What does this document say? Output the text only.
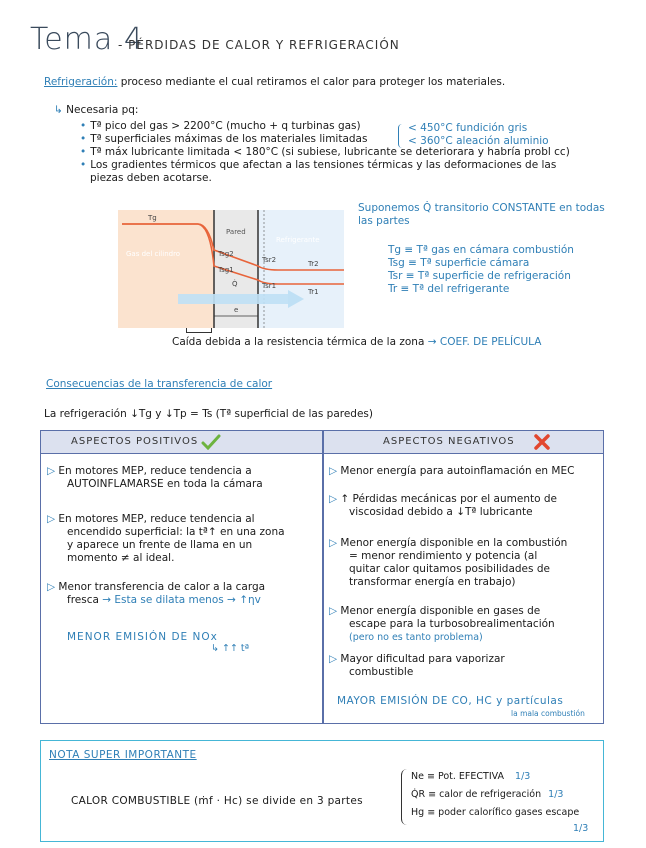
Tema 4
- PÉRDIDAS DE CALOR Y REFRIGERACIÓN
Refrigeración: proceso mediante el cual retiramos el calor para proteger los materiales.
↳ Necesaria pq:
• Tª pico del gas > 2200°C (mucho + q turbinas gas)
• Tª superficiales máximas de los materiales limitadas
• Tª máx lubricante limitada < 180°C (si subiese, lubricante se deteriorara y habría probl cc)
• Los gradientes térmicos que afectan a las tensiones térmicas y las deformaciones de las
piezas deben acotarse.
< 450°C fundición gris
< 360°C aleación aluminio
Tg
Gas del cilindro
Pared
Refrigerante
Tsg2
Tsg1
Tsr2
Tsr1
Tr2
Tr1
Q̇
e
Suponemos Q̇ transitorio CONSTANTE en todas las partes
Tg ≡ Tª gas en cámara combustión
Tsg ≡ Tª superficie cámara
Tsr ≡ Tª superficie de refrigeración
Tr ≡ Tª del refrigerante
Caída debida a la resistencia térmica de la zona → COEF. DE PELÍCULA
Consecuencias de la transferencia de calor
La refrigeración ↓Tg y ↓Tp = Ts (Tª superficial de las paredes)
ASPECTOS POSITIVOS	ASPECTOS NEGATIVOS
▷ En motores MEP, reduce tendencia a
AUTOINFLAMARSE en toda la cámara
▷ En motores MEP, reduce tendencia al
encendido superficial: la tª↑ en una zona
y aparece un frente de llama en un
momento ≠ al ideal.
▷ Menor transferencia de calor a la carga
fresca → Esta se dilata menos → ↑ηv
MENOR EMISIÓN DE NOx
↳ ↑↑ tª
▷ Menor energía para autoinflamación en MEC
▷ ↑ Pérdidas mecánicas por el aumento de
viscosidad debido a ↓Tª lubricante
▷ Menor energía disponible en la combustión
= menor rendimiento y potencia (al
quitar calor quitamos posibilidades de
transformar energía en trabajo)
▷ Menor energía disponible en gases de
escape para la turbosobrealimentación
(pero no es tanto problema)
▷ Mayor dificultad para vaporizar
combustible
MAYOR EMISIÓN DE CO, HC y partículas
la mala combustión
NOTA SUPER IMPORTANTE
CALOR COMBUSTIBLE (ṁf · Hc) se divide en 3 partes
Ne ≡ Pot. EFECTIVA 1/3
Q̇R ≡ calor de refrigeración 1/3
Hg ≡ poder calorífico gases escape
1/3
